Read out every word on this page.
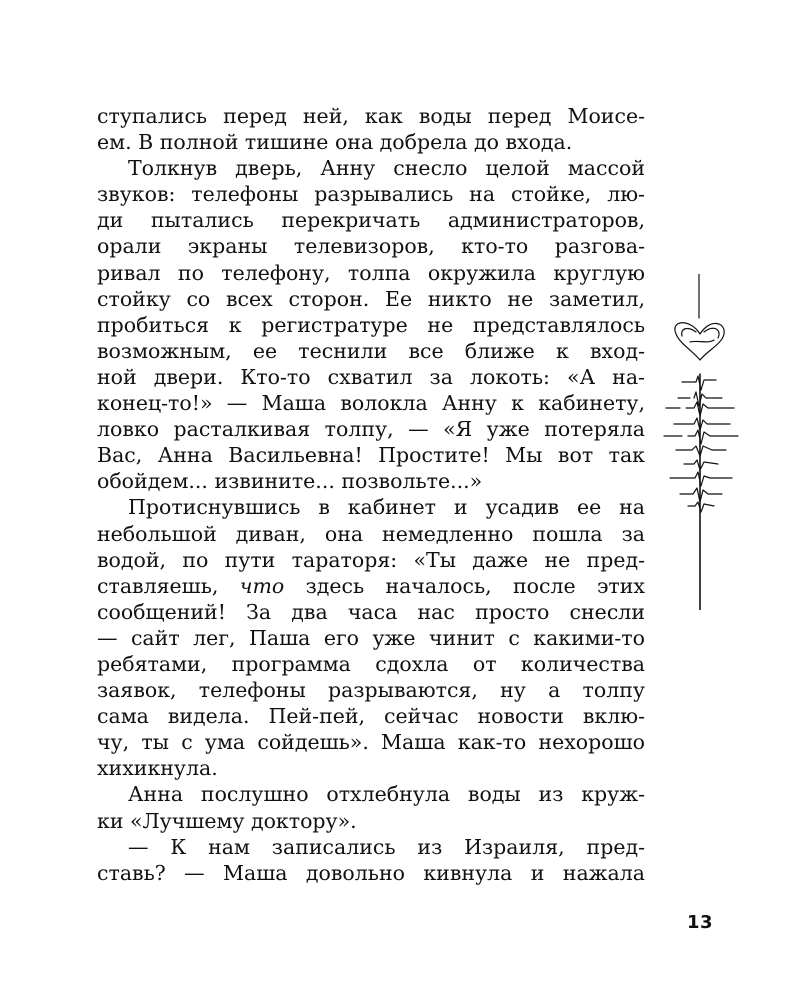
ступались перед ней, как воды перед Моисе-
ем. В полной тишине она добрела до входа.
Толкнув дверь, Анну снесло целой массой
звуков: телефоны разрывались на стойке, лю-
ди пытались перекричать администраторов,
орали экраны телевизоров, кто-то разгова-
ривал по телефону, толпа окружила круглую
стойку со всех сторон. Ее никто не заметил,
пробиться к регистратуре не представлялось
возможным, ее теснили все ближе к вход-
ной двери. Кто-то схватил за локоть: «А на-
конец-то!» — Маша волокла Анну к кабинету,
ловко расталкивая толпу, — «Я уже потеряла
Вас, Анна Васильевна! Простите! Мы вот так
обойдем... извините... позвольте...»
Протиснувшись в кабинет и усадив ее на
небольшой диван, она немедленно пошла за
водой, по пути тараторя: «Ты даже не пред-
ставляешь, что здесь началось, после этих
сообщений! За два часа нас просто снесли
— сайт лег, Паша его уже чинит с какими-то
ребятами, программа сдохла от количества
заявок, телефоны разрываются, ну а толпу
сама видела. Пей-пей, сейчас новости вклю-
чу, ты с ума сойдешь». Маша как-то нехорошо
хихикнула.
Анна послушно отхлебнула воды из круж-
ки «Лучшему доктору».
— К нам записались из Израиля, пред-
ставь? — Маша довольно кивнула и нажала
13
